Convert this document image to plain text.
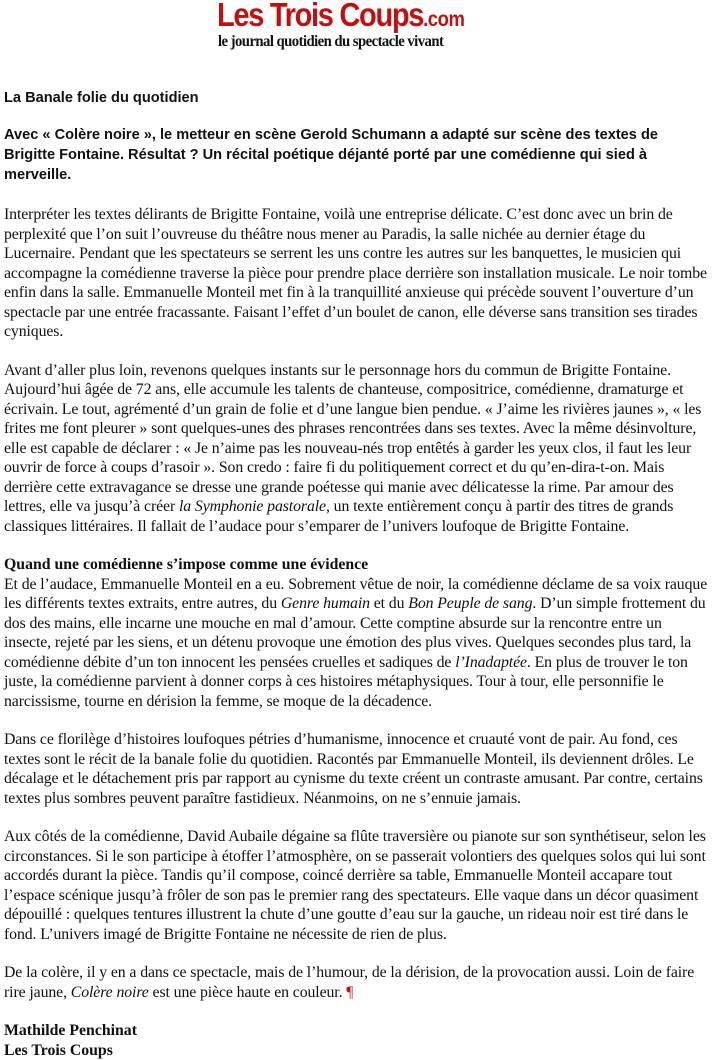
Les Trois Coups.com
le journal quotidien du spectacle vivant
La Banale folie du quotidien
Avec « Colère noire », le metteur en scène Gerold Schumann a adapté sur scène des textes de Brigitte Fontaine. Résultat ? Un récital poétique déjanté porté par une comédienne qui sied à merveille.

Interpréter les textes délirants de Brigitte Fontaine, voilà une entreprise délicate. C’est donc avec un brin de perplexité que l’on suit l’ouvreuse du théâtre nous mener au Paradis, la salle nichée au dernier étage du Lucernaire. Pendant que les spectateurs se serrent les uns contre les autres sur les banquettes, le musicien qui accompagne la comédienne traverse la pièce pour prendre place derrière son installation musicale. Le noir tombe enfin dans la salle. Emmanuelle Monteil met fin à la tranquillité anxieuse qui précède souvent l’ouverture d’un spectacle par une entrée fracassante. Faisant l’effet d’un boulet de canon, elle déverse sans transition ses tirades cyniques.

Avant d’aller plus loin, revenons quelques instants sur le personnage hors du commun de Brigitte Fontaine. Aujourd’hui âgée de 72 ans, elle accumule les talents de chanteuse, compositrice, comédienne, dramaturge et écrivain. Le tout, agrémenté d’un grain de folie et d’une langue bien pendue. « J’aime les rivières jaunes », « les frites me font pleurer » sont quelques-unes des phrases rencontrées dans ses textes. Avec la même désinvolture, elle est capable de déclarer : « Je n’aime pas les nouveau-nés trop entêtés à garder les yeux clos, il faut les leur ouvrir de force à coups d’rasoir ». Son credo : faire fi du politiquement correct et du qu’en-dira-t-on. Mais derrière cette extravagance se dresse une grande poétesse qui manie avec délicatesse la rime. Par amour des lettres, elle va jusqu’à créer la Symphonie pastorale, un texte entièrement conçu à partir des titres de grands classiques littéraires. Il fallait de l’audace pour s’emparer de l’univers loufoque de Brigitte Fontaine.

Quand une comédienne s’impose comme une évidence

Et de l’audace, Emmanuelle Monteil en a eu. Sobrement vêtue de noir, la comédienne déclame de sa voix rauque les différents textes extraits, entre autres, du Genre humain et du Bon Peuple de sang. D’un simple frottement du dos des mains, elle incarne une mouche en mal d’amour. Cette comptine absurde sur la rencontre entre un insecte, rejeté par les siens, et un détenu provoque une émotion des plus vives. Quelques secondes plus tard, la comédienne débite d’un ton innocent les pensées cruelles et sadiques de l’Inadaptée. En plus de trouver le ton juste, la comédienne parvient à donner corps à ces histoires métaphysiques. Tour à tour, elle personnifie le narcissisme, tourne en dérision la femme, se moque de la décadence.

Dans ce florilège d’histoires loufoques pétries d’humanisme, innocence et cruauté vont de pair. Au fond, ces textes sont le récit de la banale folie du quotidien. Racontés par Emmanuelle Monteil, ils deviennent drôles. Le décalage et le détachement pris par rapport au cynisme du texte créent un contraste amusant. Par contre, certains textes plus sombres peuvent paraître fastidieux. Néanmoins, on ne s’ennuie jamais.

Aux côtés de la comédienne, David Aubaile dégaine sa flûte traversière ou pianote sur son synthétiseur, selon les circonstances. Si le son participe à étoffer l’atmosphère, on se passerait volontiers des quelques solos qui lui sont accordés durant la pièce. Tandis qu’il compose, coincé derrière sa table, Emmanuelle Monteil accapare tout l’espace scénique jusqu’à frôler de son pas le premier rang des spectateurs. Elle vaque dans un décor quasiment dépouillé : quelques tentures illustrent la chute d’une goutte d’eau sur la gauche, un rideau noir est tiré dans le fond. L’univers imagé de Brigitte Fontaine ne nécessite de rien de plus.

De la colère, il y en a dans ce spectacle, mais de l’humour, de la dérision, de la provocation aussi. Loin de faire rire jaune, Colère noire est une pièce haute en couleur. ¶

Mathilde Penchinat
Les Trois Coups
